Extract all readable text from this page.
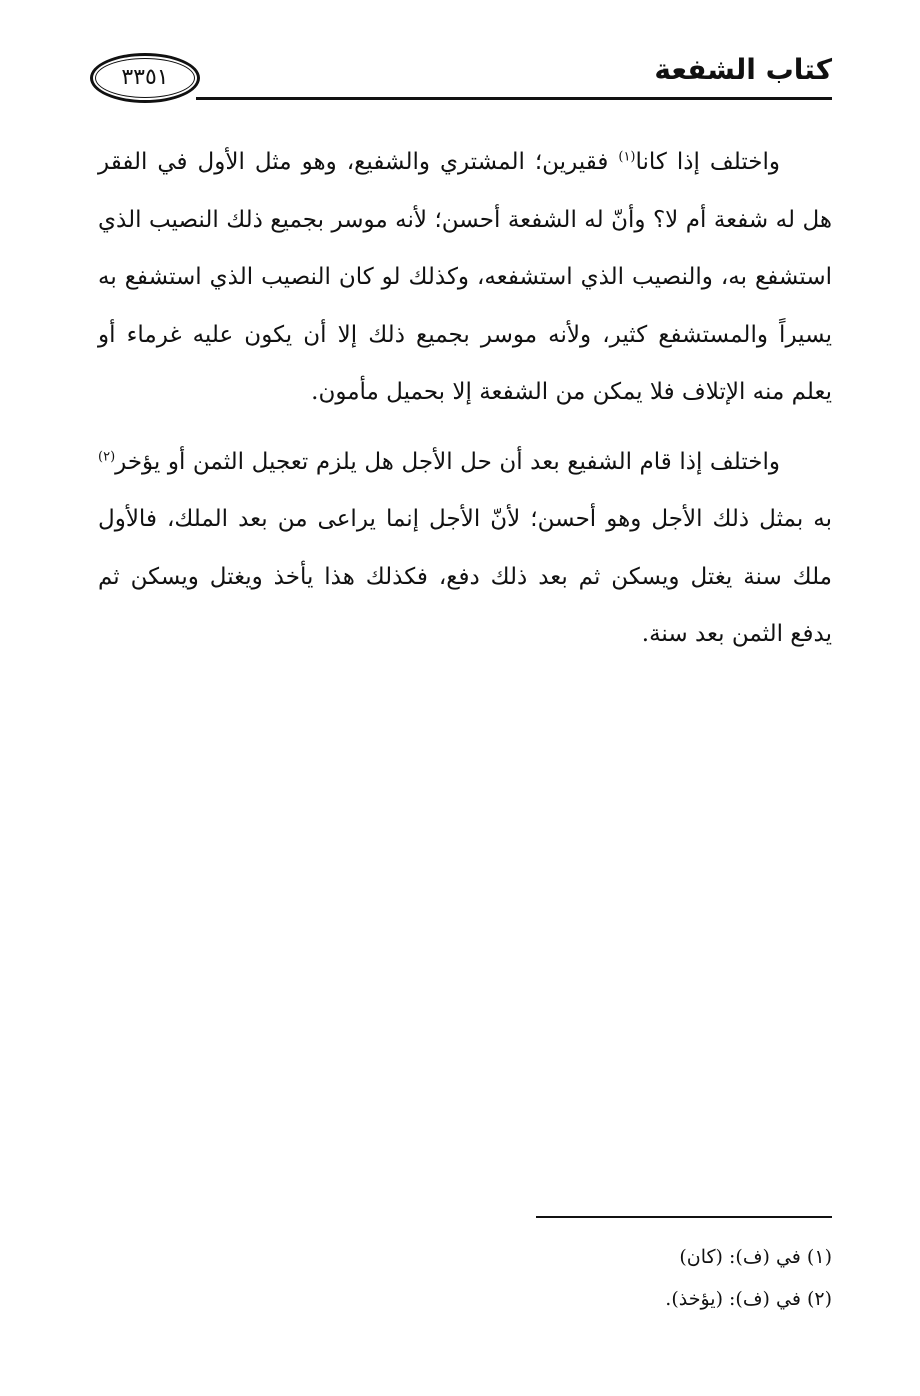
كتاب الشفعة
٣٣٥١

واختلف إذا كانا$^{(١)}$ فقيرين؛ المشتري والشفيع، وهو مثل الأول في الفقر هل له شفعة أم لا؟ وأنّ له الشفعة أحسن؛ لأنه موسر بجميع ذلك النصيب الذي استشفع به، والنصيب الذي استشفعه، وكذلك لو كان النصيب الذي استشفع به يسيراً والمستشفع كثير، ولأنه موسر بجميع ذلك إلا أن يكون عليه غرماء أو يعلم منه الإتلاف فلا يمكن من الشفعة إلا بحميل مأمون.

واختلف إذا قام الشفيع بعد أن حل الأجل هل يلزم تعجيل الثمن أو يؤخر$^{(٢)}$ به بمثل ذلك الأجل وهو أحسن؛ لأنّ الأجل إنما يراعى من بعد الملك، فالأول ملك سنة يغتل ويسكن ثم بعد ذلك دفع، فكذلك هذا يأخذ ويغتل ويسكن ثم يدفع الثمن بعد سنة.

(١) في (ف): (كان)

(٢) في (ف): (يؤخذ).
